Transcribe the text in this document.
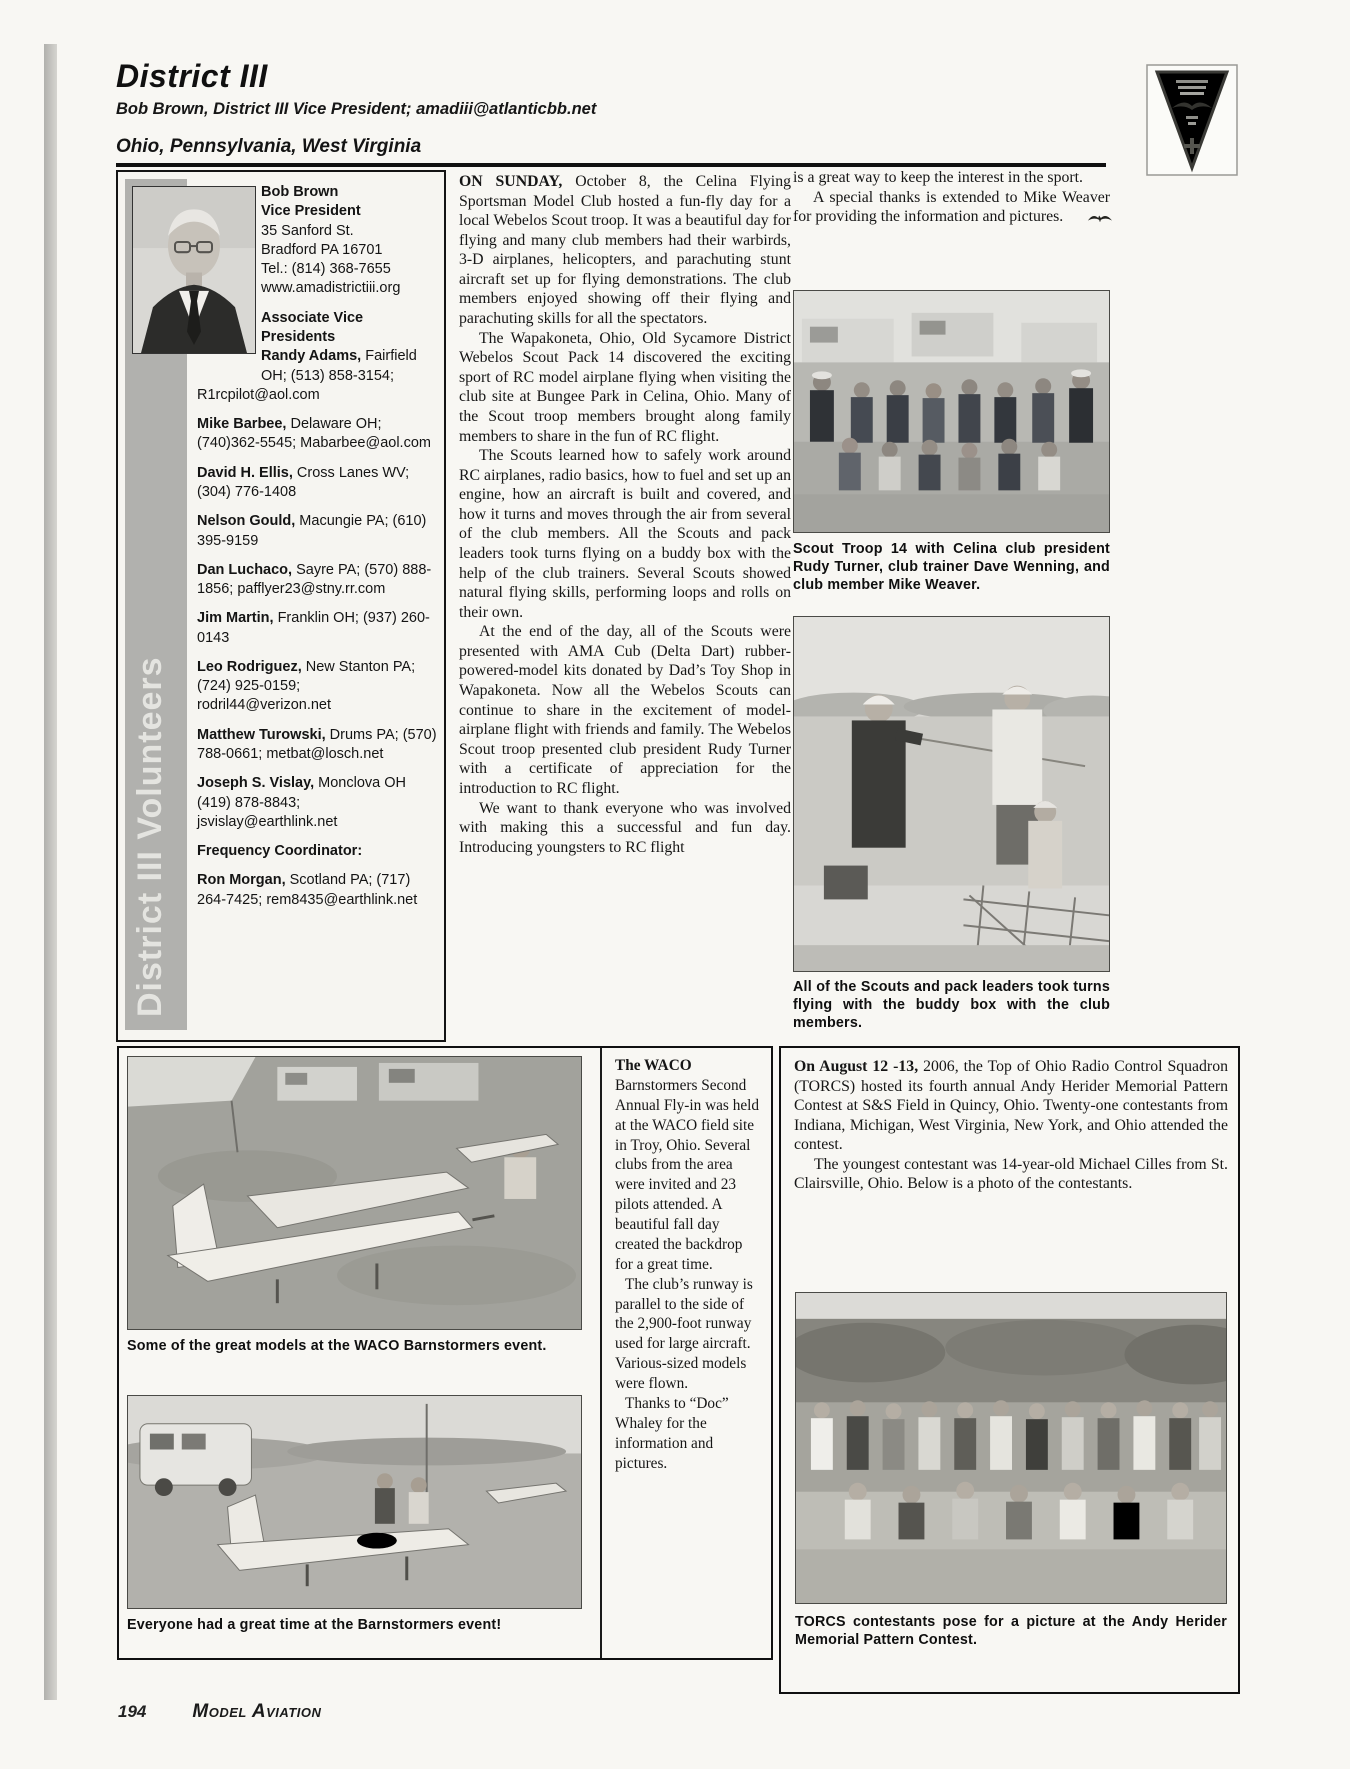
District III
Bob Brown, District III Vice President; amadiii@atlanticbb.net
Ohio, Pennsylvania, West Virginia
District III Volunteers
Bob Brown
Vice President
35 Sanford St.
Bradford PA 16701
Tel.: (814) 368-7655
www.amadistrictiii.org
Associate Vice Presidents
Randy Adams, Fairfield OH; (513) 858-3154; R1rcpilot@aol.com
Mike Barbee, Delaware OH; (740)362-5545; Mabarbee@aol.com
David H. Ellis, Cross Lanes WV; (304) 776-1408
Nelson Gould, Macungie PA; (610) 395-9159
Dan Luchaco, Sayre PA; (570) 888-1856; pafflyer23@stny.rr.com
Jim Martin, Franklin OH; (937) 260-0143
Leo Rodriguez, New Stanton PA; (724) 925-0159; rodril44@verizon.net
Matthew Turowski, Drums PA; (570) 788-0661; metbat@losch.net
Joseph S. Vislay, Monclova OH (419) 878-8843; jsvislay@earthlink.net
Frequency Coordinator:
Ron Morgan, Scotland PA; (717) 264-7425; rem8435@earthlink.net

ON SUNDAY, October 8, the Celina Flying Sportsman Model Club hosted a fun-fly day for a local Webelos Scout troop. It was a beautiful day for flying and many club members had their warbirds, 3-D airplanes, helicopters, and parachuting stunt aircraft set up for flying demonstrations. The club members enjoyed showing off their flying and parachuting skills for all the spectators.

The Wapakoneta, Ohio, Old Sycamore District Webelos Scout Pack 14 discovered the exciting sport of RC model airplane flying when visiting the club site at Bungee Park in Celina, Ohio. Many of the Scout troop members brought along family members to share in the fun of RC flight.

The Scouts learned how to safely work around RC airplanes, radio basics, how to fuel and set up an engine, how an aircraft is built and covered, and how it turns and moves through the air from several of the club members. All the Scouts and pack leaders took turns flying on a buddy box with the help of the club trainers. Several Scouts showed natural flying skills, performing loops and rolls on their own.

At the end of the day, all of the Scouts were presented with AMA Cub (Delta Dart) rubber-powered-model kits donated by Dad’s Toy Shop in Wapakoneta. Now all the Webelos Scouts can continue to share in the excitement of model-airplane flight with friends and family. The Webelos Scout troop presented club president Rudy Turner with a certificate of appreciation for the introduction to RC flight.

We want to thank everyone who was involved with making this a successful and fun day. Introducing youngsters to RC flight

is a great way to keep the interest in the sport.

A special thanks is extended to Mike Weaver for providing the information and pictures.

Scout Troop 14 with Celina club president Rudy Turner, club trainer Dave Wenning, and club member Mike Weaver.
All of the Scouts and pack leaders took turns flying with the buddy box with the club members.
Some of the great models at the WACO Barnstormers event.
Everyone had a great time at the Barnstormers event!

The WACO Barnstormers Second Annual Fly-in was held at the WACO field site in Troy, Ohio. Several clubs from the area were invited and 23 pilots attended. A beautiful fall day created the backdrop for a great time.

The club’s runway is parallel to the side of the 2,900-foot runway used for large aircraft. Various-sized models were flown.

Thanks to “Doc” Whaley for the information and pictures.

On August 12 -13, 2006, the Top of Ohio Radio Control Squadron (TORCS) hosted its fourth annual Andy Herider Memorial Pattern Contest at S&S Field in Quincy, Ohio. Twenty-one contestants from Indiana, Michigan, West Virginia, New York, and Ohio attended the contest.

The youngest contestant was 14-year-old Michael Cilles from St. Clairsville, Ohio. Below is a photo of the contestants.

TORCS contestants pose for a picture at the Andy Herider Memorial Pattern Contest.
194 Model Aviation
